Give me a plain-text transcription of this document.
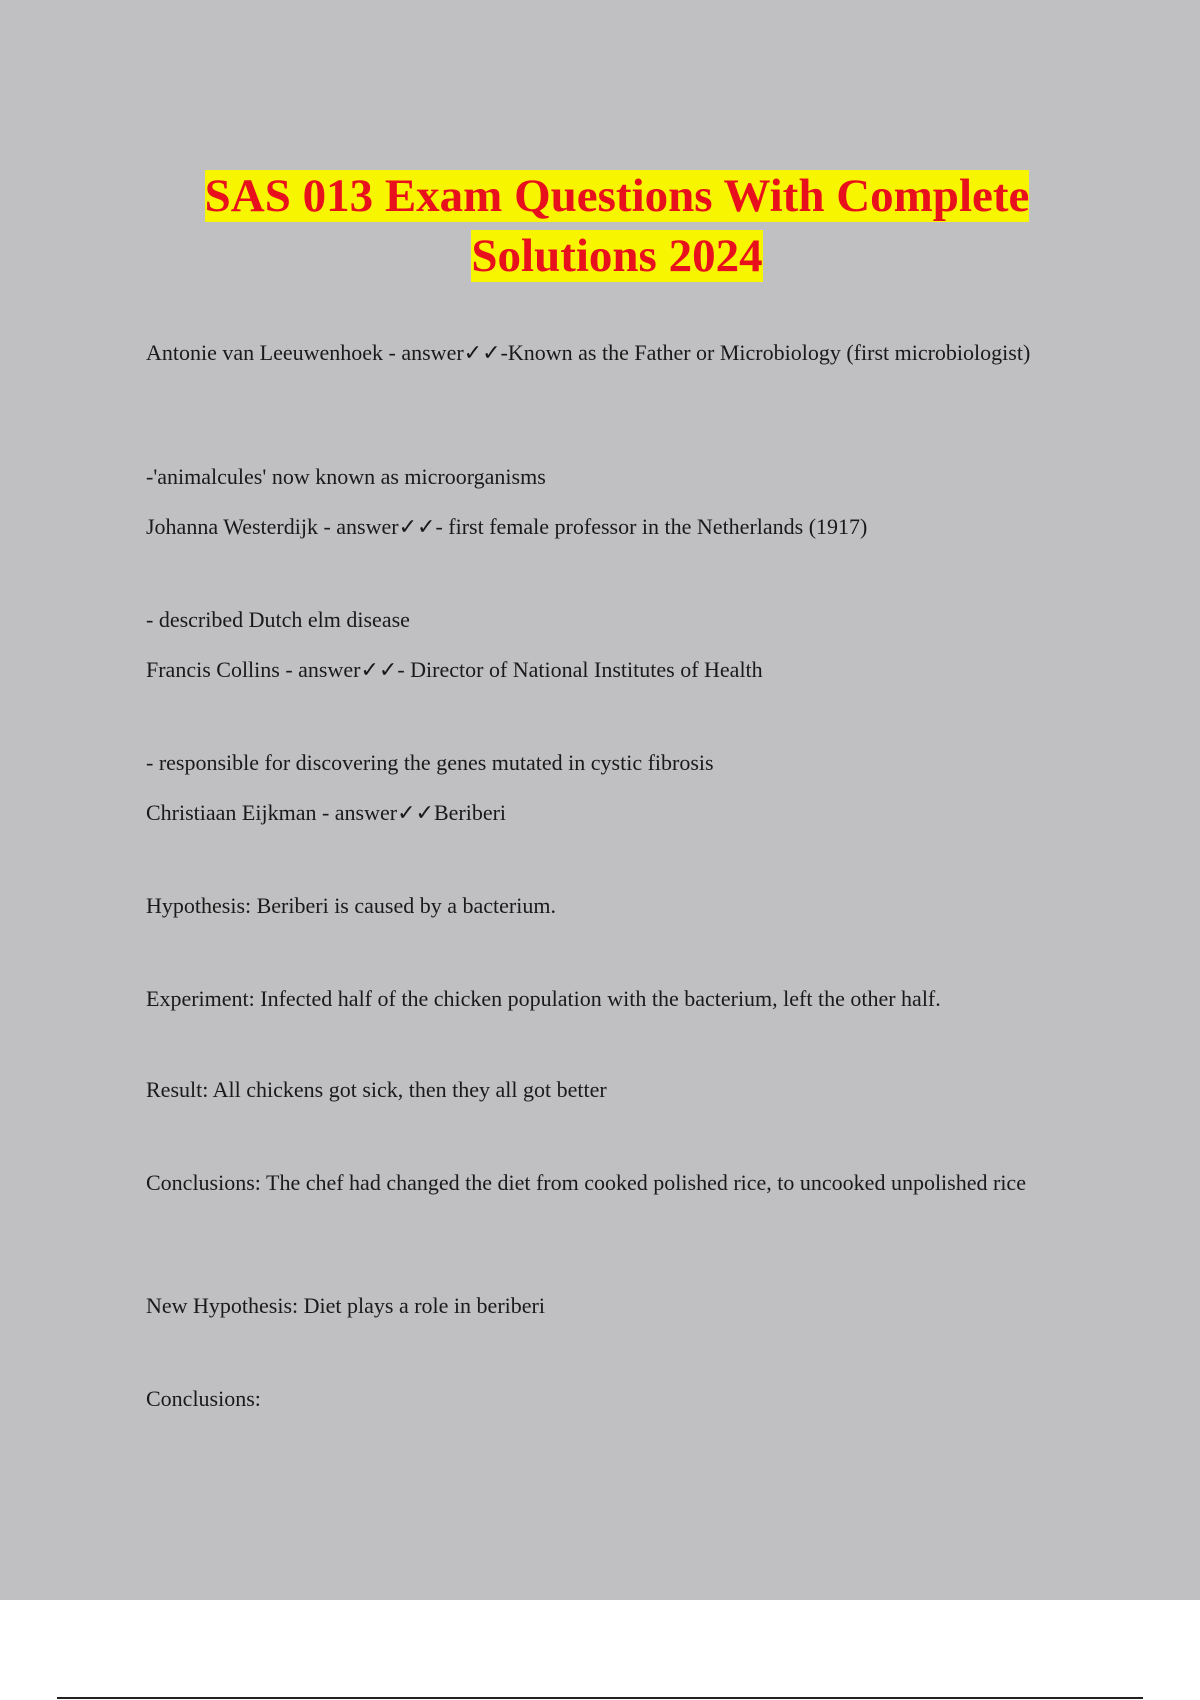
SAS 013 Exam Questions With Complete
Solutions 2024
Antonie van Leeuwenhoek - answer✓✓-Known as the Father or Microbiology (first microbiologist)
-'animalcules' now known as microorganisms
Johanna Westerdijk - answer✓✓- first female professor in the Netherlands (1917)
- described Dutch elm disease
Francis Collins - answer✓✓- Director of National Institutes of Health
- responsible for discovering the genes mutated in cystic fibrosis
Christiaan Eijkman - answer✓✓Beriberi
Hypothesis: Beriberi is caused by a bacterium.
Experiment: Infected half of the chicken population with the bacterium, left the other half.
Result: All chickens got sick, then they all got better
Conclusions: The chef had changed the diet from cooked polished rice, to uncooked unpolished rice
New Hypothesis: Diet plays a role in beriberi
Conclusions:
